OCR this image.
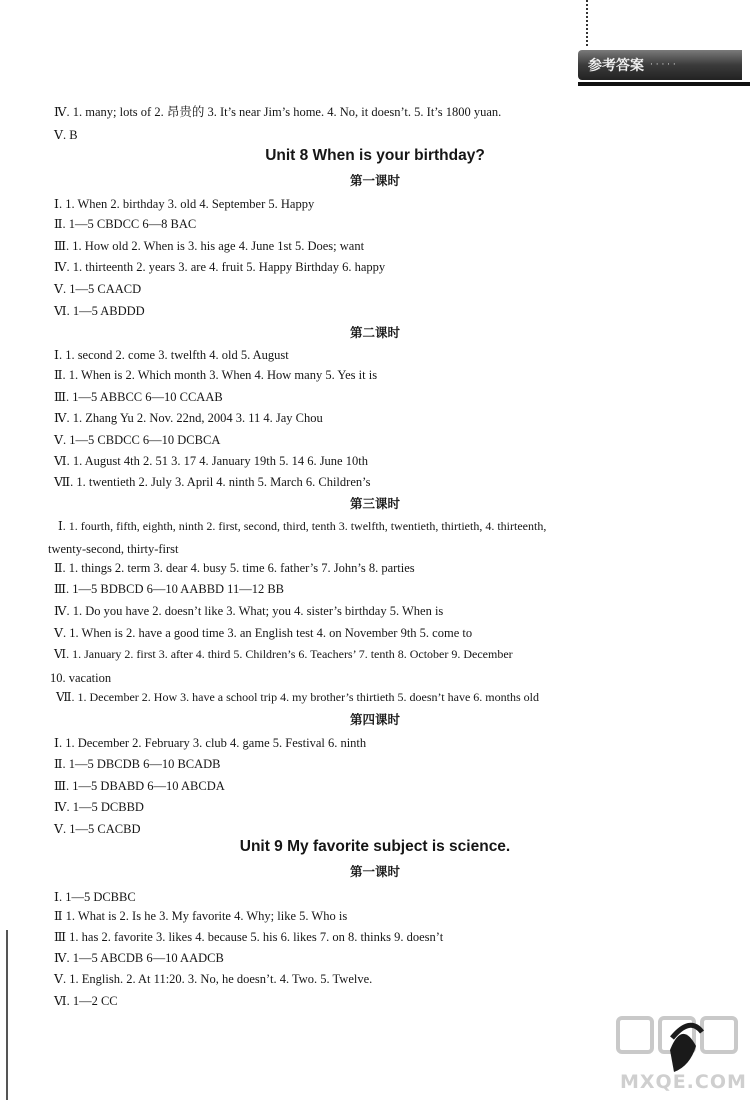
参考答案 · · · · ·
Ⅳ. 1. many; lots of 2. 昂贵的 3. It’s near Jim’s home. 4. No, it doesn’t. 5. It’s 1800 yuan.
Ⅴ. B
Unit 8 When is your birthday?
第一课时
Ⅰ. 1. When 2. birthday 3. old 4. September 5. Happy
Ⅱ. 1—5 CBDCC 6—8 BAC
Ⅲ. 1. How old 2. When is 3. his age 4. June 1st 5. Does; want
Ⅳ. 1. thirteenth 2. years 3. are 4. fruit 5. Happy Birthday 6. happy
Ⅴ. 1—5 CAACD
Ⅵ. 1—5 ABDDD
第二课时
Ⅰ. 1. second 2. come 3. twelfth 4. old 5. August
Ⅱ. 1. When is 2. Which month 3. When 4. How many 5. Yes it is
Ⅲ. 1—5 ABBCC 6—10 CCAAB
Ⅳ. 1. Zhang Yu 2. Nov. 22nd, 2004 3. 11 4. Jay Chou
Ⅴ. 1—5 CBDCC 6—10 DCBCA
Ⅵ. 1. August 4th 2. 51 3. 17 4. January 19th 5. 14 6. June 10th
Ⅶ. 1. twentieth 2. July 3. April 4. ninth 5. March 6. Children’s
第三课时
Ⅰ. 1. fourth, fifth, eighth, ninth 2. first, second, third, tenth 3. twelfth, twentieth, thirtieth, 4. thirteenth,
twenty-second, thirty-first
Ⅱ. 1. things 2. term 3. dear 4. busy 5. time 6. father’s 7. John’s 8. parties
Ⅲ. 1—5 BDBCD 6—10 AABBD 11—12 BB
Ⅳ. 1. Do you have 2. doesn’t like 3. What; you 4. sister’s birthday 5. When is
Ⅴ. 1. When is 2. have a good time 3. an English test 4. on November 9th 5. come to
Ⅵ. 1. January 2. first 3. after 4. third 5. Children’s 6. Teachers’ 7. tenth 8. October 9. December
10. vacation
Ⅶ. 1. December 2. How 3. have a school trip 4. my brother’s thirtieth 5. doesn’t have 6. months old
第四课时
Ⅰ. 1. December 2. February 3. club 4. game 5. Festival 6. ninth
Ⅱ. 1—5 DBCDB 6—10 BCADB
Ⅲ. 1—5 DBABD 6—10 ABCDA
Ⅳ. 1—5 DCBBD
Ⅴ. 1—5 CACBD
Unit 9 My favorite subject is science.
第一课时
Ⅰ. 1—5 DCBBC
Ⅱ 1. What is 2. Is he 3. My favorite 4. Why; like 5. Who is
Ⅲ 1. has 2. favorite 3. likes 4. because 5. his 6. likes 7. on 8. thinks 9. doesn’t
Ⅳ. 1—5 ABCDB 6—10 AADCB
Ⅴ. 1. English. 2. At 11:20. 3. No, he doesn’t. 4. Two. 5. Twelve.
Ⅵ. 1—2 CC
MXQE.COM
